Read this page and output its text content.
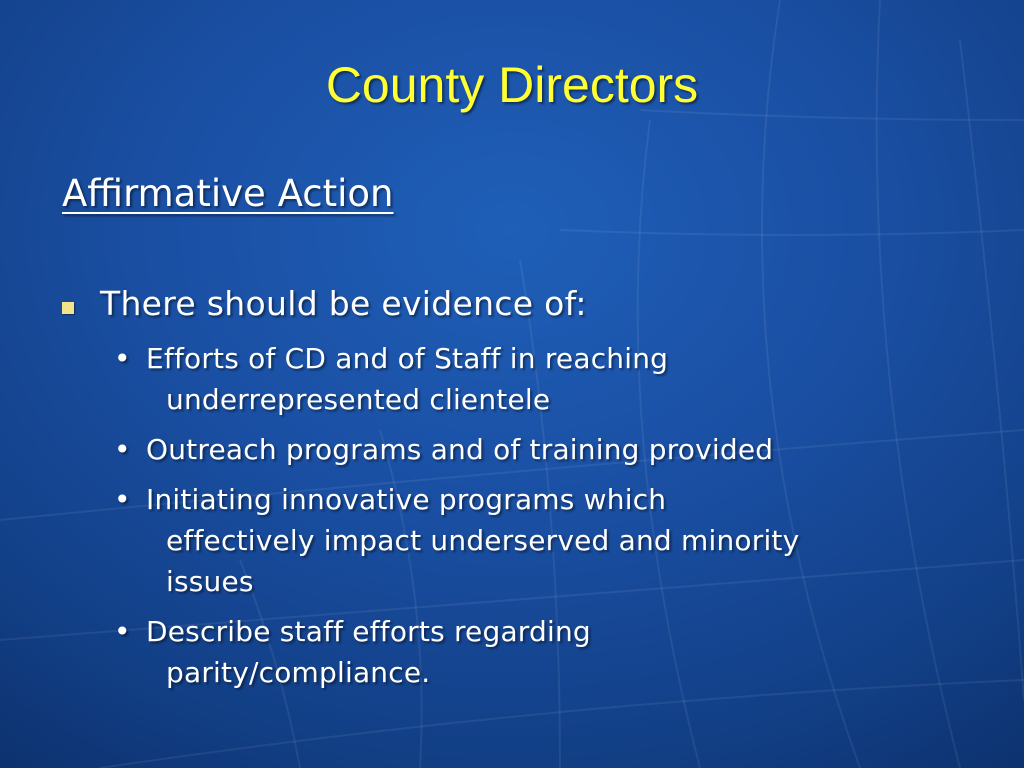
County Directors
Affirmative Action
There should be evidence of:
• Efforts of CD and of Staff in reaching
underrepresented clientele
• Outreach programs and of training provided
• Initiating innovative programs which
effectively impact underserved and minority
issues
• Describe staff efforts regarding
parity/compliance.
